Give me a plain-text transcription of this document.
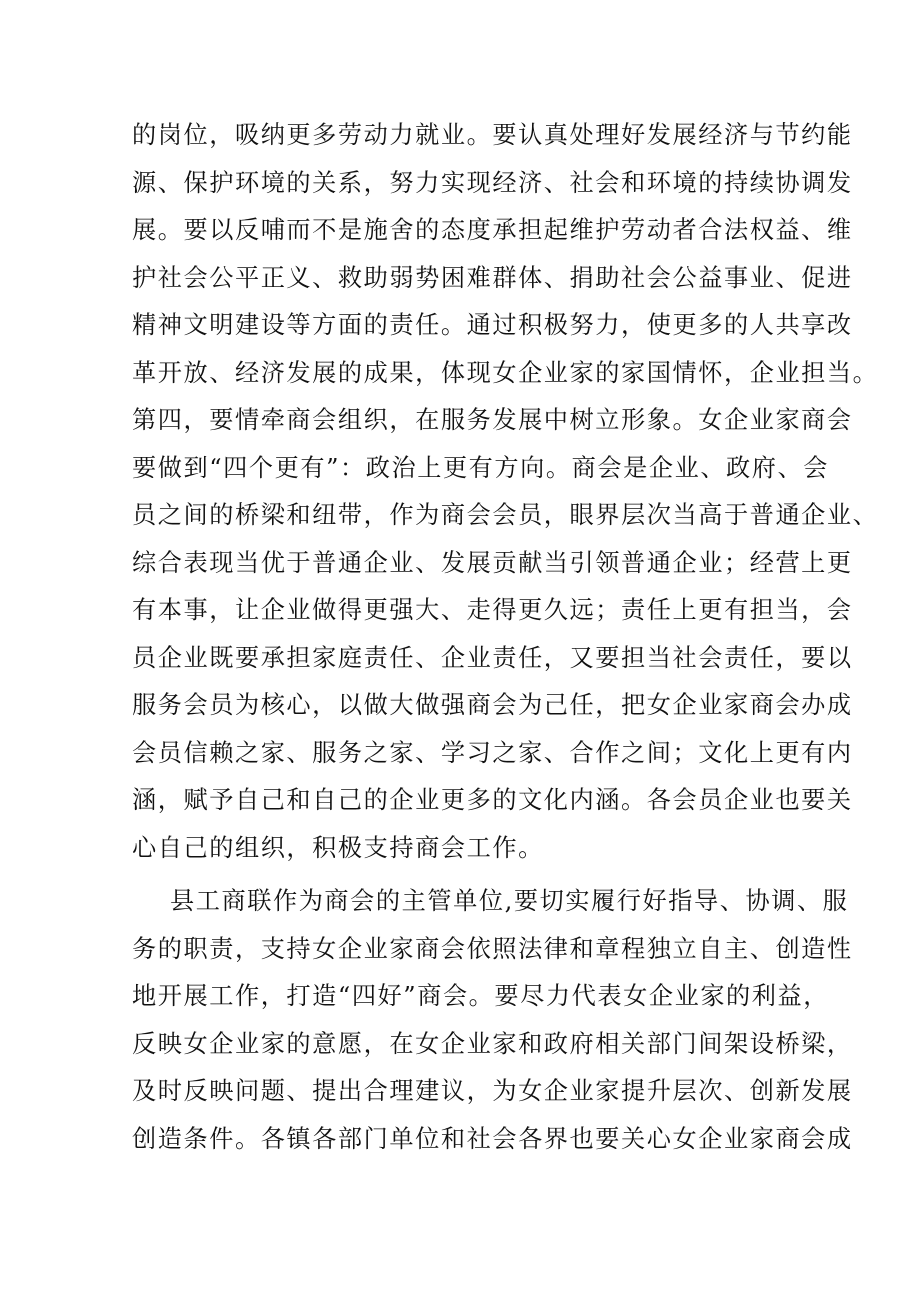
的岗位，吸纳更多劳动力就业。要认真处理好发展经济与节约能
源、保护环境的关系，努力实现经济、社会和环境的持续协调发
展。要以反哺而不是施舍的态度承担起维护劳动者合法权益、维
护社会公平正义、救助弱势困难群体、捐助社会公益事业、促进
精神文明建设等方面的责任。通过积极努力，使更多的人共享改
革开放、经济发展的成果，体现女企业家的家国情怀，企业担当。
第四，要情牵商会组织，在服务发展中树立形象。女企业家商会
要做到“四个更有”：政治上更有方向。商会是企业、政府、会
员之间的桥梁和纽带，作为商会会员，眼界层次当高于普通企业、
综合表现当优于普通企业、发展贡献当引领普通企业；经营上更
有本事，让企业做得更强大、走得更久远；责任上更有担当，会
员企业既要承担家庭责任、企业责任，又要担当社会责任，要以
服务会员为核心，以做大做强商会为己任，把女企业家商会办成
会员信赖之家、服务之家、学习之家、合作之间；文化上更有内
涵，赋予自己和自己的企业更多的文化内涵。各会员企业也要关
心自己的组织，积极支持商会工作。
县工商联作为商会的主管单位,要切实履行好指导、协调、服
务的职责，支持女企业家商会依照法律和章程独立自主、创造性
地开展工作，打造“四好”商会。要尽力代表女企业家的利益，
反映女企业家的意愿，在女企业家和政府相关部门间架设桥梁，
及时反映问题、提出合理建议，为女企业家提升层次、创新发展
创造条件。各镇各部门单位和社会各界也要关心女企业家商会成
